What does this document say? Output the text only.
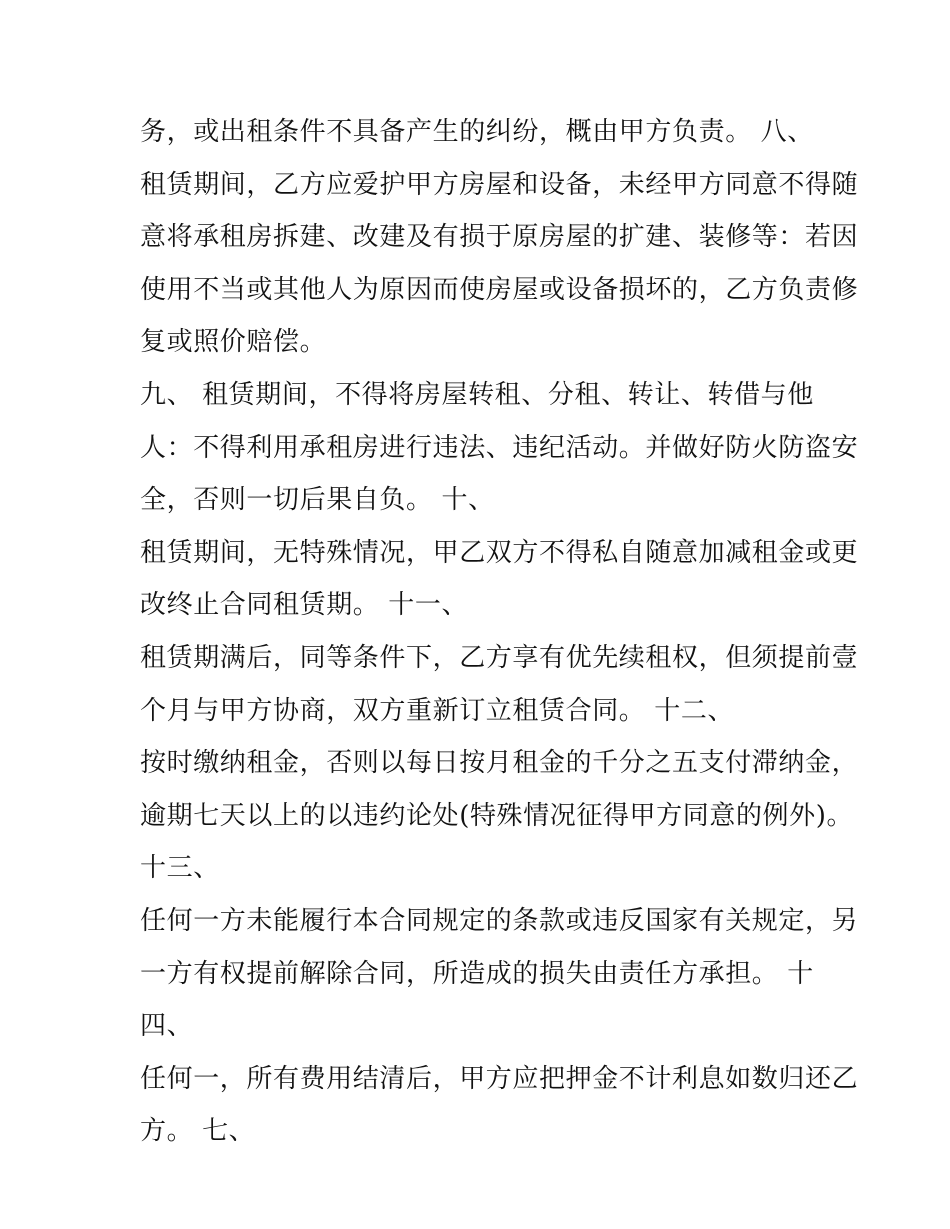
务，或出租条件不具备产生的纠纷，概由甲方负责。 八、
租赁期间，乙方应爱护甲方房屋和设备，未经甲方同意不得随
意将承租房拆建、改建及有损于原房屋的扩建、装修等：若因
使用不当或其他人为原因而使房屋或设备损坏的，乙方负责修
复或照价赔偿。
九、 租赁期间，不得将房屋转租、分租、转让、转借与他
人：不得利用承租房进行违法、违纪活动。并做好防火防盗安
全，否则一切后果自负。 十、
租赁期间，无特殊情况，甲乙双方不得私自随意加减租金或更
改终止合同租赁期。 十一、
租赁期满后，同等条件下，乙方享有优先续租权，但须提前壹
个月与甲方协商，双方重新订立租赁合同。 十二、
按时缴纳租金，否则以每日按月租金的千分之五支付滞纳金，
逾期七天以上的以违约论处(特殊情况征得甲方同意的例外)。
十三、
任何一方未能履行本合同规定的条款或违反国家有关规定，另
一方有权提前解除合同，所造成的损失由责任方承担。 十
四、
任何一，所有费用结清后，甲方应把押金不计利息如数归还乙
方。 七、
